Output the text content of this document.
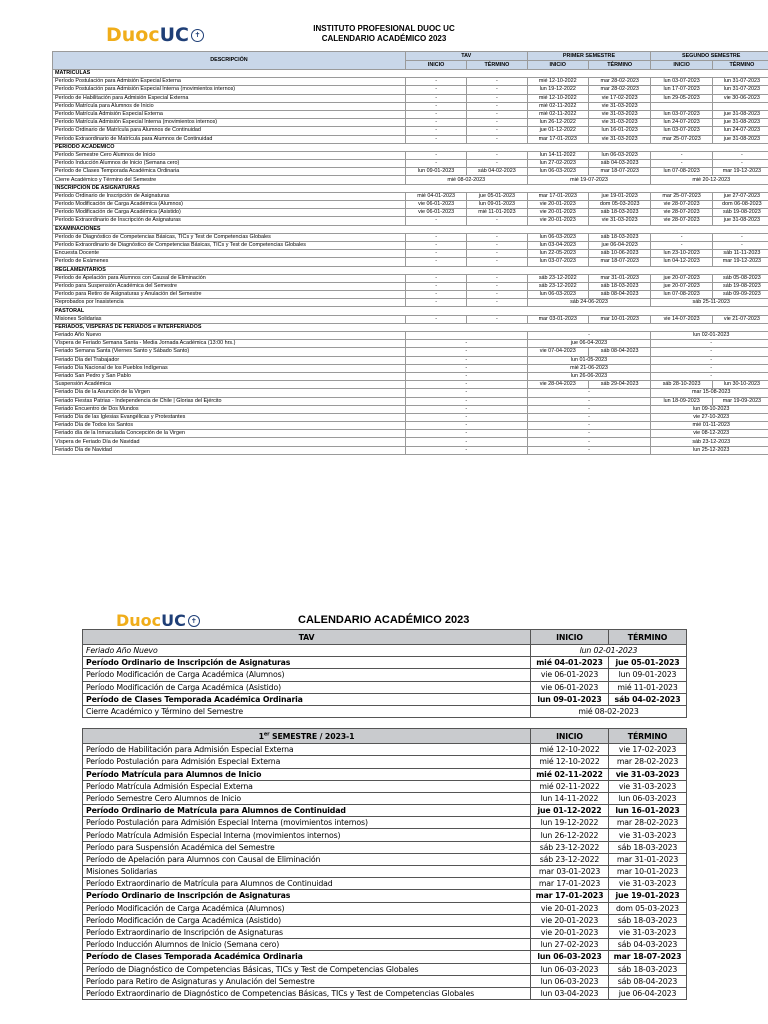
Duoc UC ✝
INSTITUTO PROFESIONAL DUOC UC
CALENDARIO ACADÉMICO 2023
DESCRIPCIÓN	TAV		PRIMER SEMESTRE		SEGUNDO SEMESTRE	
	INICIO	TÉRMINO	INICIO	TÉRMINO	INICIO	TÉRMINO
MATRÍCULAS						
Período Postulación para Admisión Especial Externa	-	-	mié 12-10-2022	mar 28-02-2023	lun 03-07-2023	lun 31-07-2023
Período Postulación para Admisión Especial Interna (movimientos internos)	-	-	lun 19-12-2022	mar 28-02-2023	lun 17-07-2023	lun 31-07-2023
Período de Habilitación para Admisión Especial Externa	-	-	mié 12-10-2022	vie 17-02-2023	lun 29-05-2023	vie 30-06-2023
Período Matrícula para Alumnos de Inicio	-	-	mié 02-11-2022	vie 31-03-2023		
Período Matrícula Admisión Especial Externa	-	-	mié 02-11-2022	vie 31-03-2023	lun 03-07-2023	jue 31-08-2023
Período Matrícula Admisión Especial Interna (movimientos internos)	-	-	lun 26-12-2022	vie 31-03-2023	lun 24-07-2023	jue 31-08-2023
Período Ordinario de Matrícula para Alumnos de Continuidad	-	-	jue 01-12-2022	lun 16-01-2023	lun 03-07-2023	lun 24-07-2023
Período Extraordinario de Matrícula para Alumnos de Continuidad	-	-	mar 17-01-2023	vie 31-03-2023	mar 25-07-2023	jue 31-08-2023
PERÍODO ACADÉMICO						
Período Semestre Cero Alumnos de Inicio	-	-	lun 14-11-2022	lun 06-03-2023	-	-
Período Inducción Alumnos de Inicio (Semana cero)	-	-	lun 27-02-2023	sáb 04-03-2023	-	-
Período de Clases Temporada Académica Ordinaria	lun 09-01-2023	sáb 04-02-2023	lun 06-03-2023	mar 18-07-2023	lun 07-08-2023	mar 19-12-2023
Cierre Académico y Término del Semestre	mié 08-02-2023		mié 19-07-2023		mié 20-12-2023	
INSCRIPCIÓN DE ASIGNATURAS						
Período Ordinario de Inscripción de Asignaturas	mié 04-01-2023	jue 05-01-2023	mar 17-01-2023	jue 19-01-2023	mar 25-07-2023	jue 27-07-2023
Período Modificación de Carga Académica (Alumnos)	vie 06-01-2023	lun 09-01-2023	vie 20-01-2023	dom 05-03-2023	vie 28-07-2023	dom 06-08-2023
Período Modificación de Carga Académica (Asistido)	vie 06-01-2023	mié 11-01-2023	vie 20-01-2023	sáb 18-03-2023	vie 28-07-2023	sáb 19-08-2023
Período Extraordinario de Inscripción de Asignaturas	-	-	vie 20-01-2023	vie 31-03-2023	vie 28-07-2023	jue 31-08-2023
EXAMINACIONES						
Período de Diagnóstico de Competencias Básicas, TICs y Test de Competencias Globales	-	-	lun 06-03-2023	sáb 18-03-2023	-	-
Período Extraordinario de Diagnóstico de Competencias Básicas, TICs y Test de Competencias Globales	-	-	lun 03-04-2023	jue 06-04-2023	-	-
Encuesta Docente	-	-	lun 22-05-2023	sáb 10-06-2023	lun 23-10-2023	sáb 11-11-2023
Período de Exámenes	-	-	lun 03-07-2023	mar 18-07-2023	lun 04-12-2023	mar 19-12-2023
REGLAMENTARIOS						
Período de Apelación para Alumnos con Causal de Eliminación	-	-	sáb 23-12-2022	mar 31-01-2023	jue 20-07-2023	sáb 05-08-2023
Período para Suspensión Académica del Semestre	-	-	sáb 23-12-2022	sáb 18-03-2023	jue 20-07-2023	sáb 19-08-2023
Período para Retiro de Asignaturas y Anulación del Semestre	-	-	lun 06-03-2023	sáb 08-04-2023	lun 07-08-2023	sáb 09-09-2023
Reprobados por Inasistencia	-	-	sáb 24-06-2023		sáb 25-11-2023	
PASTORAL						
Misiones Solidarias	-	-	mar 03-01-2023	mar 10-01-2023	vie 14-07-2023	vie 21-07-2023
FERIADOS, VÍSPERAS DE FERIADOS e INTERFERIADOS						
Feriado Año Nuevo			-		lun 02-01-2023	
Víspera de Feriado Semana Santa - Media Jornada Académica (13:00 hrs.)	-		jue 06-04-2023		-	
Feriado Semana Santa (Viernes Santo y Sábado Santo)	-		vie 07-04-2023	sáb 08-04-2023	-	
Feriado Día del Trabajador	-		lun 01-05-2023		-	
Feriado Día Nacional de los Pueblos Indígenas	-		mié 21-06-2023		-	
Feriado San Pedro y San Pablo	-		lun 26-06-2023		-	
Suspensión Académica	-		vie 28-04-2023	sáb 29-04-2023	sáb 28-10-2023	lun 30-10-2023
Feriado Día de la Asunción de la Virgen	-		-		mar 15-08-2023	
Feriado Fiestas Patrias - Independencia de Chile | Glorias del Ejército	-		-		lun 18-09-2023	mar 19-09-2023
Feriado Encuentro de Dos Mundos	-		-		lun 09-10-2023	
Feriado Día de las Iglesias Evangélicas y Protestantes	-		-		vie 27-10-2023	
Feriado Día de Todos los Santos	-		-		mié 01-11-2023	
Feriado día de la Inmaculada Concepción de la Virgen	-		-		vie 08-12-2023	
Víspera de Feriado Día de Navidad	-		-		sáb 23-12-2023	
Feriado Día de Navidad	-		-		lun 25-12-2023	
Duoc UC ✝	CALENDARIO ACADÉMICO 2023
TAV	INICIO	TÉRMINO
Feriado Año Nuevo	lun 02-01-2023	
Período Ordinario de Inscripción de Asignaturas	mié 04-01-2023	jue 05-01-2023
Período Modificación de Carga Académica (Alumnos)	vie 06-01-2023	lun 09-01-2023
Período Modificación de Carga Académica (Asistido)	vie 06-01-2023	mié 11-01-2023
Período de Clases Temporada Académica Ordinaria	lun 09-01-2023	sáb 04-02-2023
Cierre Académico y Término del Semestre	mié 08-02-2023	

1er SEMESTRE / 2023-1	INICIO	TÉRMINO
Período de Habilitación para Admisión Especial Externa	mié 12-10-2022	vie 17-02-2023
Período Postulación para Admisión Especial Externa	mié 12-10-2022	mar 28-02-2023
Período Matrícula para Alumnos de Inicio	mié 02-11-2022	vie 31-03-2023
Período Matrícula Admisión Especial Externa	mié 02-11-2022	vie 31-03-2023
Período Semestre Cero Alumnos de Inicio	lun 14-11-2022	lun 06-03-2023
Período Ordinario de Matrícula para Alumnos de Continuidad	jue 01-12-2022	lun 16-01-2023
Período Postulación para Admisión Especial Interna (movimientos internos)	lun 19-12-2022	mar 28-02-2023
Período Matrícula Admisión Especial Interna (movimientos internos)	lun 26-12-2022	vie 31-03-2023
Período para Suspensión Académica del Semestre	sáb 23-12-2022	sáb 18-03-2023
Período de Apelación para Alumnos con Causal de Eliminación	sáb 23-12-2022	mar 31-01-2023
Misiones Solidarias	mar 03-01-2023	mar 10-01-2023
Período Extraordinario de Matrícula para Alumnos de Continuidad	mar 17-01-2023	vie 31-03-2023
Período Ordinario de Inscripción de Asignaturas	mar 17-01-2023	jue 19-01-2023
Período Modificación de Carga Académica (Alumnos)	vie 20-01-2023	dom 05-03-2023
Período Modificación de Carga Académica (Asistido)	vie 20-01-2023	sáb 18-03-2023
Período Extraordinario de Inscripción de Asignaturas	vie 20-01-2023	vie 31-03-2023
Período Inducción Alumnos de Inicio (Semana cero)	lun 27-02-2023	sáb 04-03-2023
Período de Clases Temporada Académica Ordinaria	lun 06-03-2023	mar 18-07-2023
Período de Diagnóstico de Competencias Básicas, TICs y Test de Competencias Globales	lun 06-03-2023	sáb 18-03-2023
Período para Retiro de Asignaturas y Anulación del Semestre	lun 06-03-2023	sáb 08-04-2023
Período Extraordinario de Diagnóstico de Competencias Básicas, TICs y Test de Competencias Globales	lun 03-04-2023	jue 06-04-2023
